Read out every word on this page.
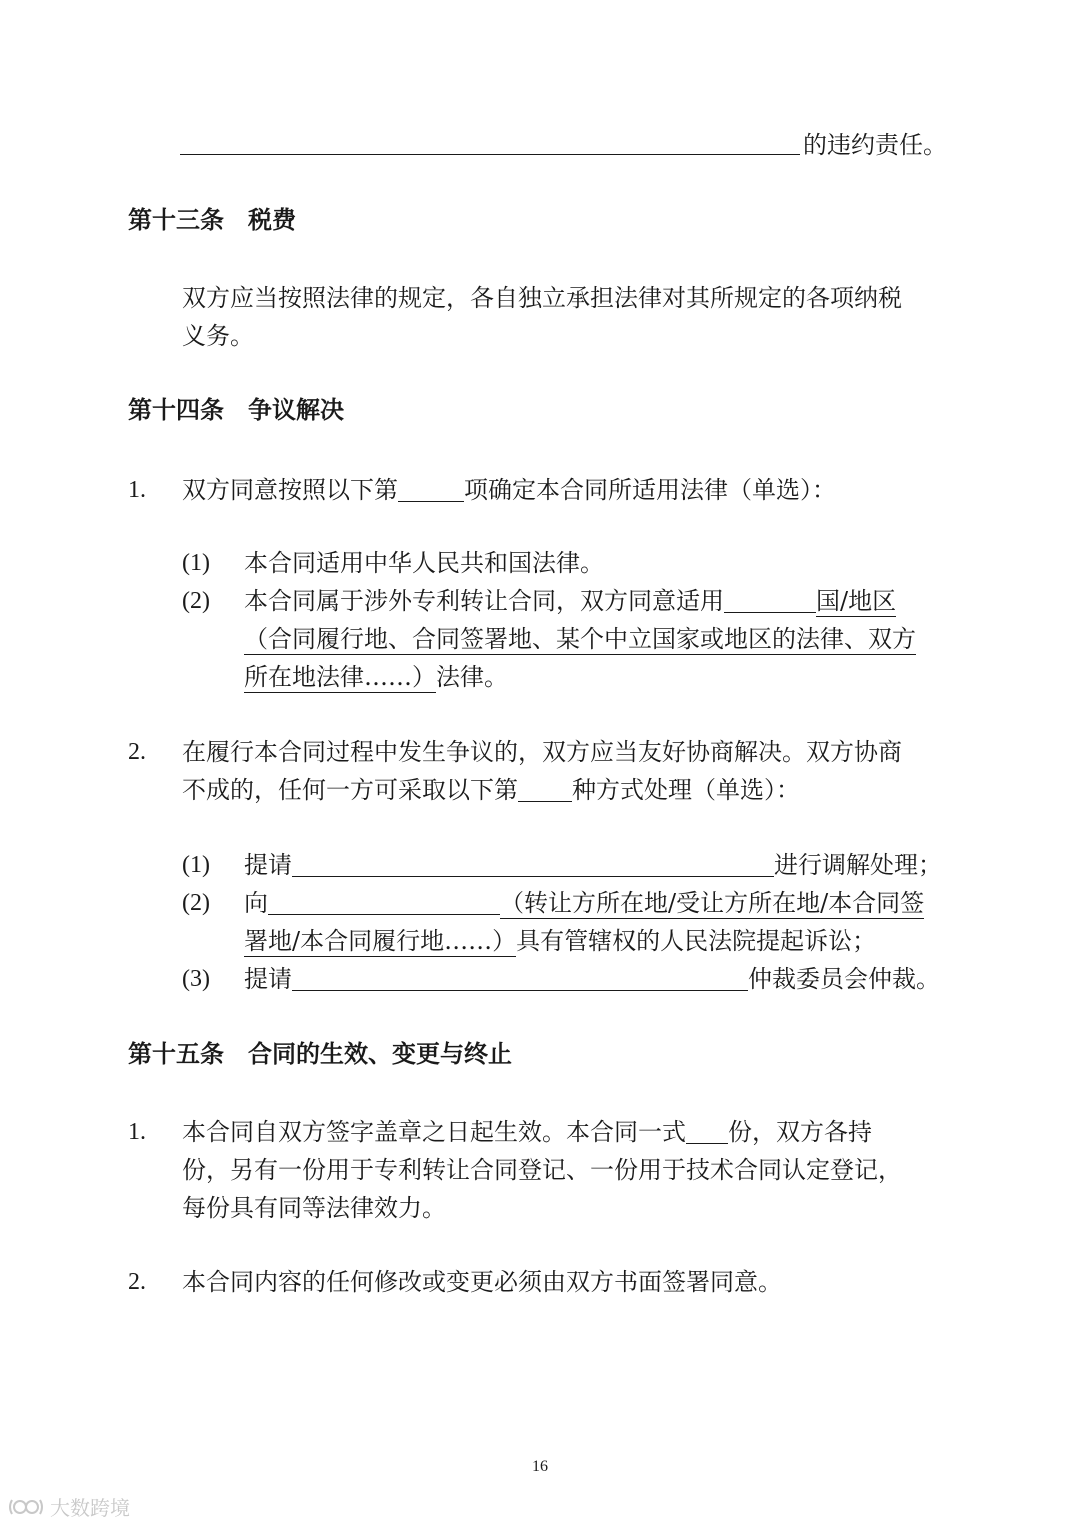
的违约责任。
第十三条　税费
双方应当按照法律的规定，各自独立承担法律对其所规定的各项纳税
义务。
第十四条　争议解决
1. 双方同意按照以下第	项确定本合同所适用法律（单选）：
(1) 本合同适用中华人民共和国法律。
(2) 本合同属于涉外专利转让合同，双方同意适用	国/地区
（合同履行地、合同签署地、某个中立国家或地区的法律、双方
所在地法律……）法律。
2. 在履行本合同过程中发生争议的，双方应当友好协商解决。双方协商
不成的，任何一方可采取以下第 种方式处理（单选）：
(1) 提请	进行调解处理；
(2) 向	（转让方所在地/受让方所在地/本合同签
署地/本合同履行地……）具有管辖权的人民法院提起诉讼；
(3) 提请	仲裁委员会仲裁。
第十五条　合同的生效、变更与终止
1. 本合同自双方签字盖章之日起生效。本合同一式 份，双方各持
份，另有一份用于专利转让合同登记、一份用于技术合同认定登记，
每份具有同等法律效力。
2. 本合同内容的任何修改或变更必须由双方书面签署同意。
16
大数跨境
